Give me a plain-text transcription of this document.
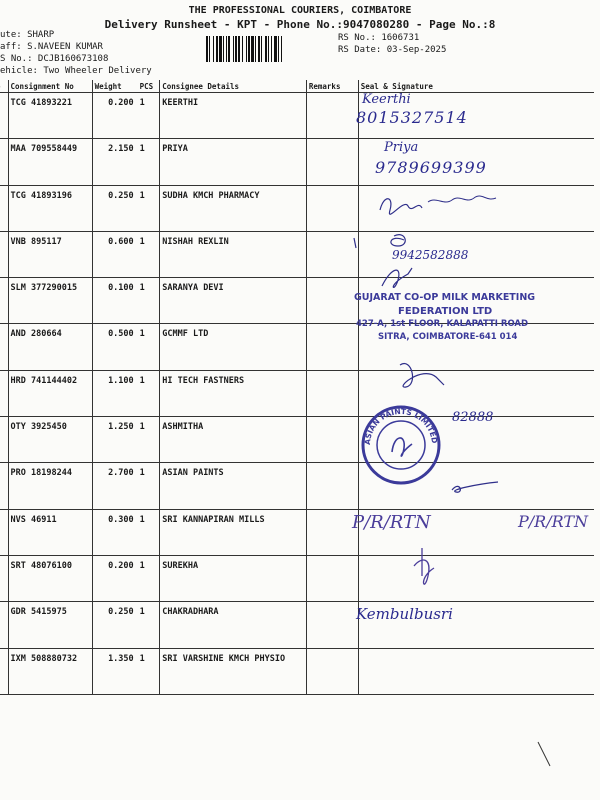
THE PROFESSIONAL COURIERS, COIMBATORE
Delivery Runsheet - KPT - Phone No.:9047080280 - Page No.:8
ute: SHARP
aff: S.NAVEEN KUMAR
S No.: DCJB160673108
ehicle: Two Wheeler Delivery
RS No.: 1606731
RS Date: 03-Sep-2025
	Consignment No	Weight	PCS	Consignee Details	Remarks	Seal & Signature
	TCG 41893221	0.200	1	KEERTHI		
	MAA 709558449	2.150	1	PRIYA		
	TCG 41893196	0.250	1	SUDHA KMCH PHARMACY		
	VNB 895117	0.600	1	NISHAH REXLIN		
	SLM 377290015	0.100	1	SARANYA DEVI		
	AND 280664	0.500	1	GCMMF LTD		
	HRD 741144402	1.100	1	HI TECH FASTNERS		
	OTY 3925450	1.250	1	ASHMITHA		
	PRO 18198244	2.700	1	ASIAN PAINTS		
	NVS 46911	0.300	1	SRI KANNAPIRAN MILLS		
	SRT 48076100	0.200	1	SUREKHA		
	GDR 5415975	0.250	1	CHAKRADHARA		
	IXM 508880732	1.350	1	SRI VARSHINE KMCH PHYSIO		
Keerthi
8015327514
Priya
9789699399
9942582888
82888
P/R/RTN	P/R/RTN
Kembulbusri
GUJARAT CO-OP MILK MARKETING
FEDERATION LTD
427-A, 1st FLOOR, KALAPATTI ROAD
SITRA, COIMBATORE-641 014
ASIAN PAINTS LIMITED
